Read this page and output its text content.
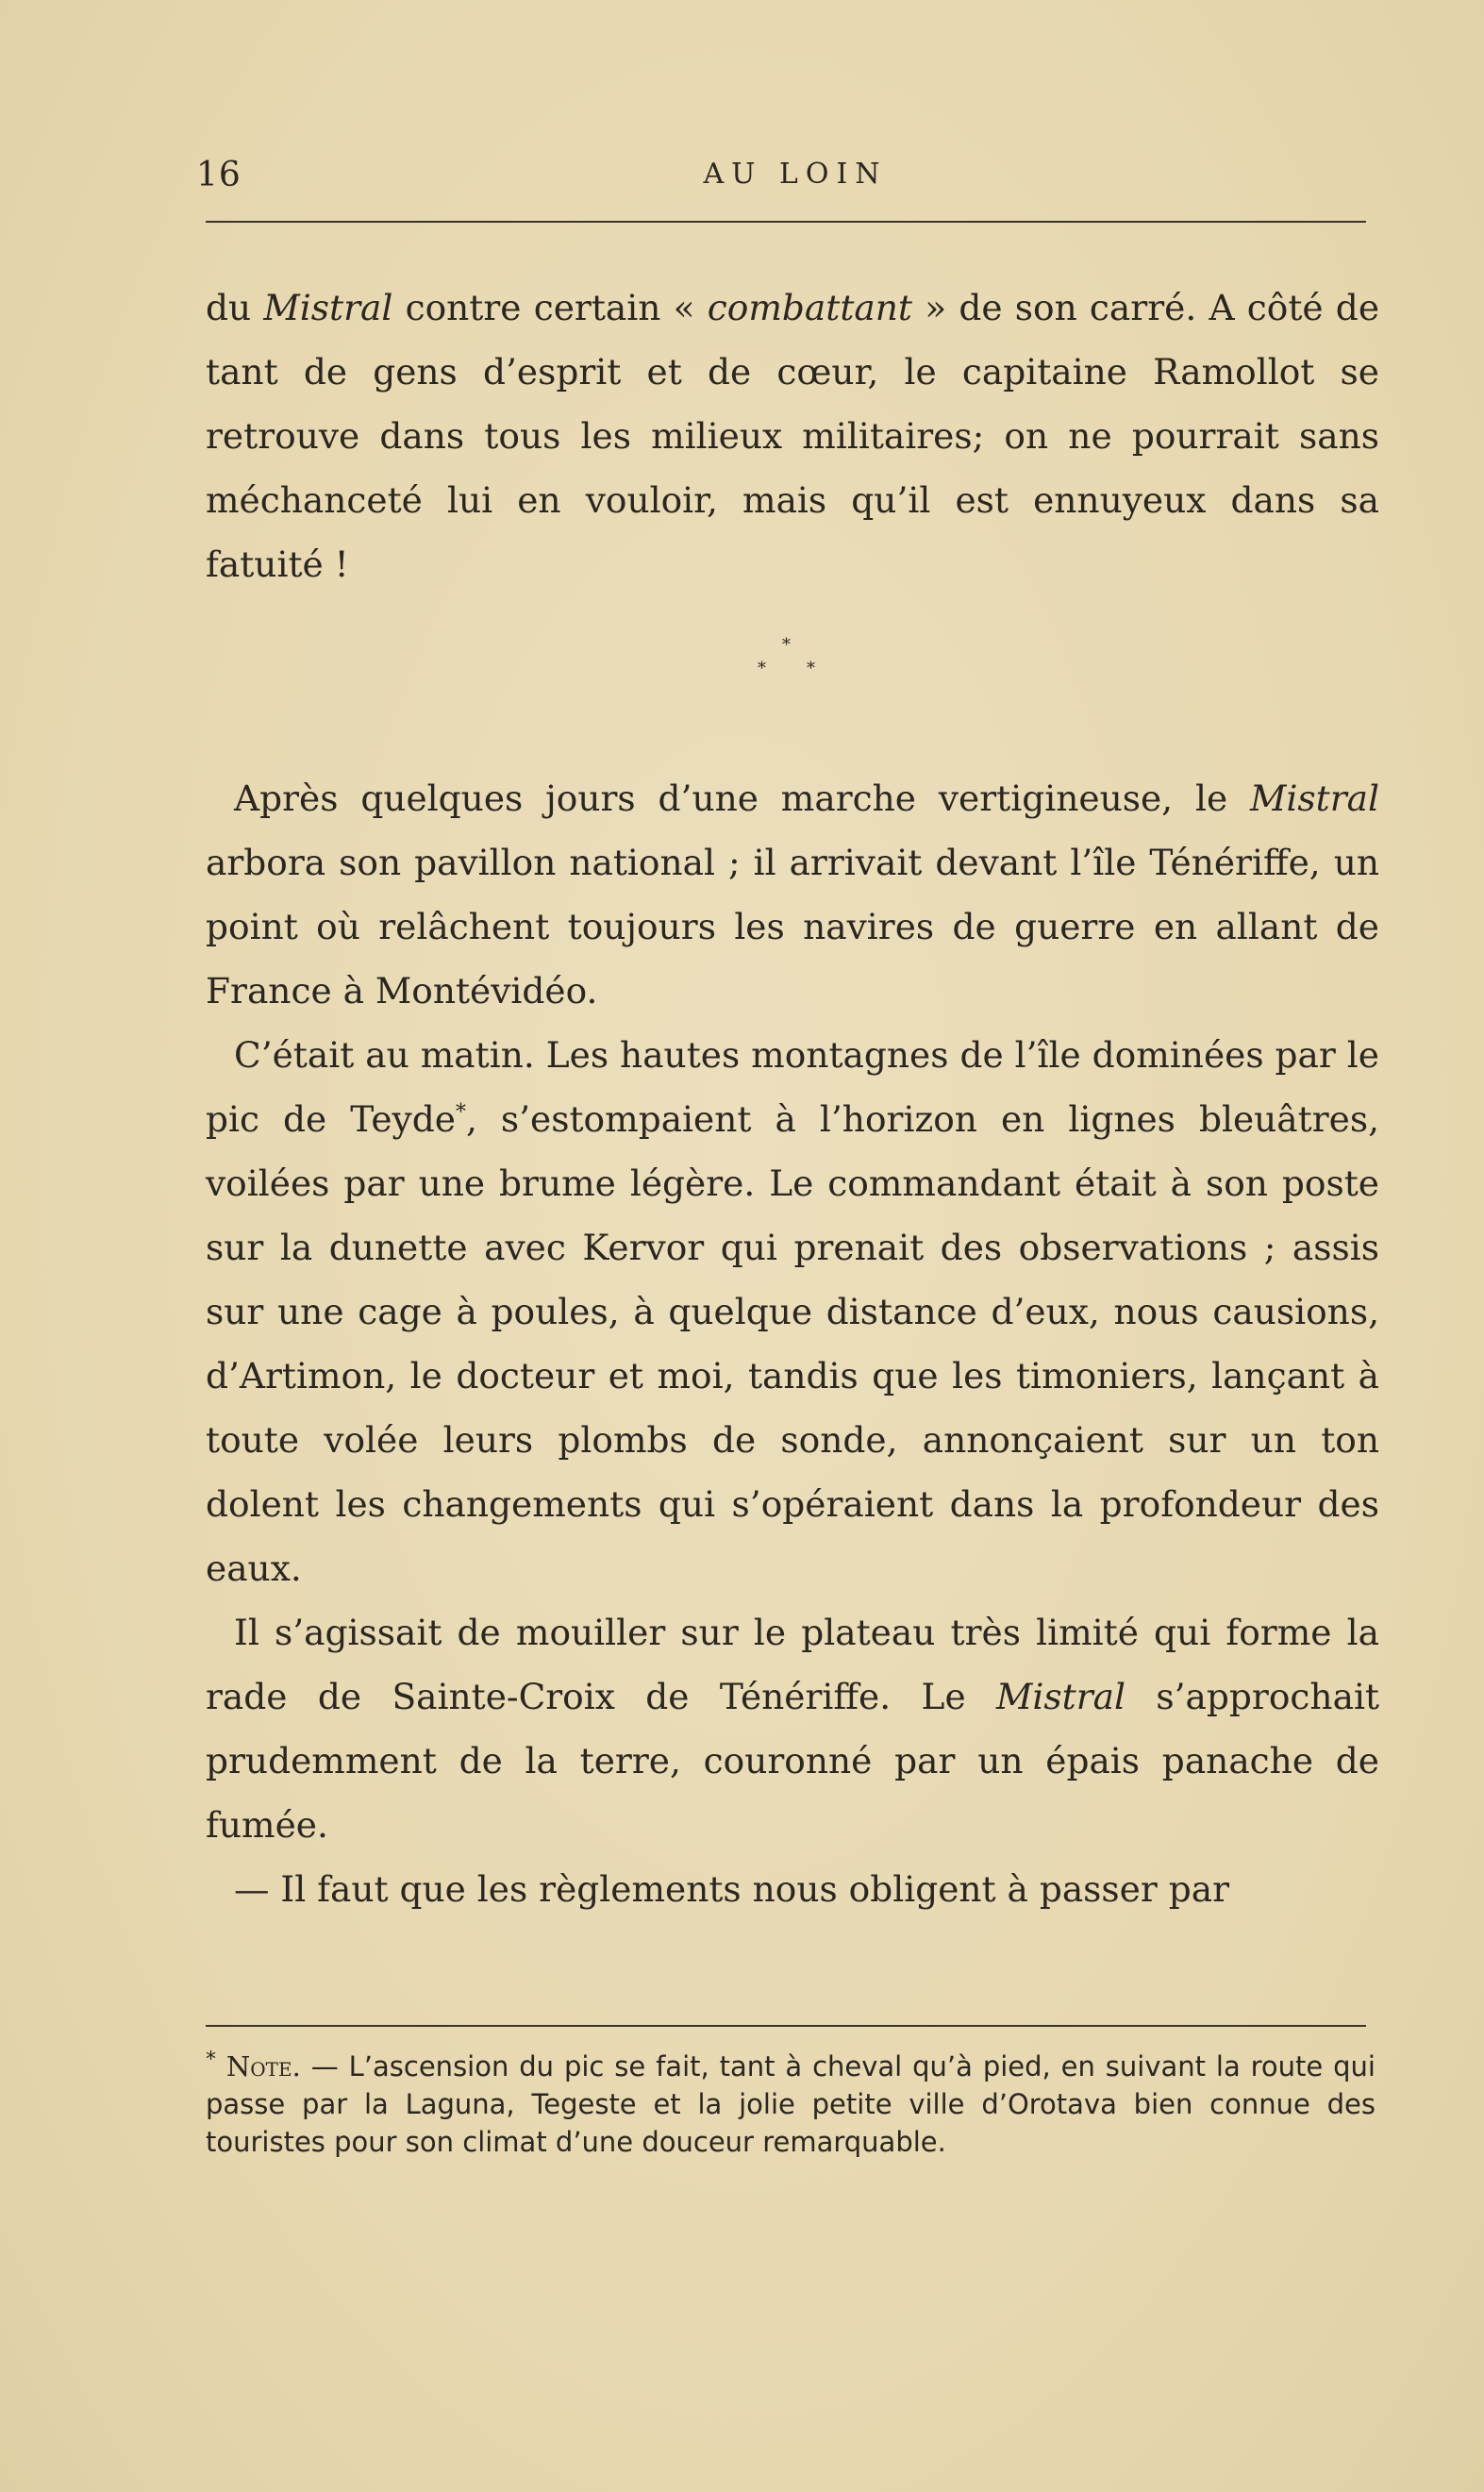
16	AU LOIN

du Mistral contre certain « combattant » de son carré. A côté de tant de gens d’esprit et de cœur, le capitaine Ramollot se retrouve dans tous les milieux militaires; on ne pourrait sans méchanceté lui en vouloir, mais qu’il est ennuyeux dans sa fatuité !

*
* *

Après quelques jours d’une marche vertigineuse, le Mistral arbora son pavillon national ; il arrivait devant l’île Ténériffe, un point où relâchent toujours les navires de guerre en allant de France à Montévidéo.

C’était au matin. Les hautes montagnes de l’île dominées par le pic de Teyde*, s’estompaient à l’horizon en lignes bleuâtres, voilées par une brume légère. Le commandant était à son poste sur la dunette avec Kervor qui prenait des observations ; assis sur une cage à poules, à quelque distance d’eux, nous causions, d’Artimon, le docteur et moi, tandis que les timoniers, lançant à toute volée leurs plombs de sonde, annonçaient sur un ton dolent les changements qui s’opéraient dans la profondeur des eaux.

Il s’agissait de mouiller sur le plateau très limité qui forme la rade de Sainte-Croix de Ténériffe. Le Mistral s’approchait prudemment de la terre, couronné par un épais panache de fumée.

— Il faut que les règlements nous obligent à passer par

* Note. — L’ascension du pic se fait, tant à cheval qu’à pied, en suivant la route qui passe par la Laguna, Tegeste et la jolie petite ville d’Orotava bien connue des touristes pour son climat d’une douceur remarquable.
